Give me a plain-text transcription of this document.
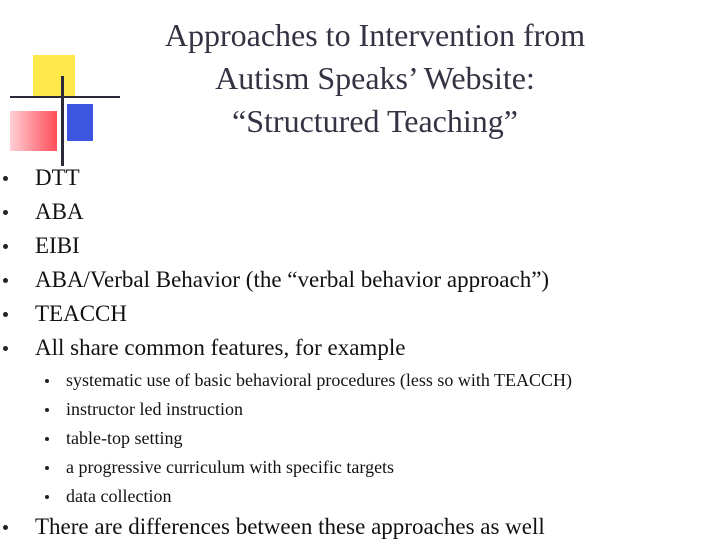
Approaches to Intervention from
Autism Speaks’ Website:
“Structured Teaching”
DTT
ABA
EIBI
ABA/Verbal Behavior (the “verbal behavior approach”)
TEACCH
All share common features, for example
systematic use of basic behavioral procedures (less so with TEACCH)
instructor led instruction
table-top setting
a progressive curriculum with specific targets
data collection
There are differences between these approaches as well
